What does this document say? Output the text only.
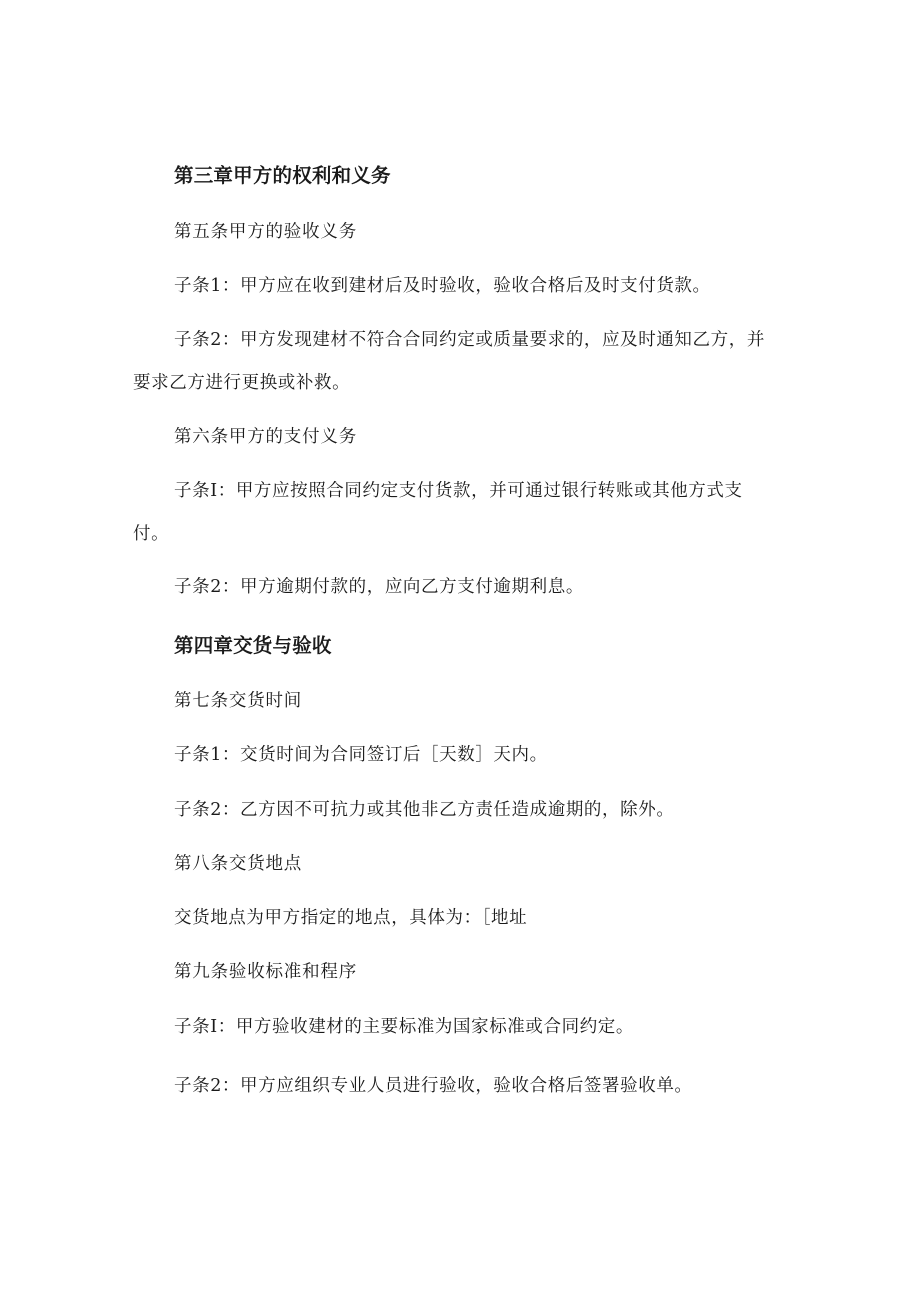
第三章甲方的权利和义务

第五条甲方的验收义务

子条1：甲方应在收到建材后及时验收，验收合格后及时支付货款。

子条2：甲方发现建材不符合合同约定或质量要求的，应及时通知乙方，并

要求乙方进行更换或补救。

第六条甲方的支付义务

子条I：甲方应按照合同约定支付货款，并可通过银行转账或其他方式支

付。

子条2：甲方逾期付款的，应向乙方支付逾期利息。

第四章交货与验收

第七条交货时间

子条1：交货时间为合同签订后［天数］天内。

子条2：乙方因不可抗力或其他非乙方责任造成逾期的，除外。

第八条交货地点

交货地点为甲方指定的地点，具体为：［地址

第九条验收标准和程序

子条I：甲方验收建材的主要标准为国家标准或合同约定。

子条2：甲方应组织专业人员进行验收，验收合格后签署验收单。
